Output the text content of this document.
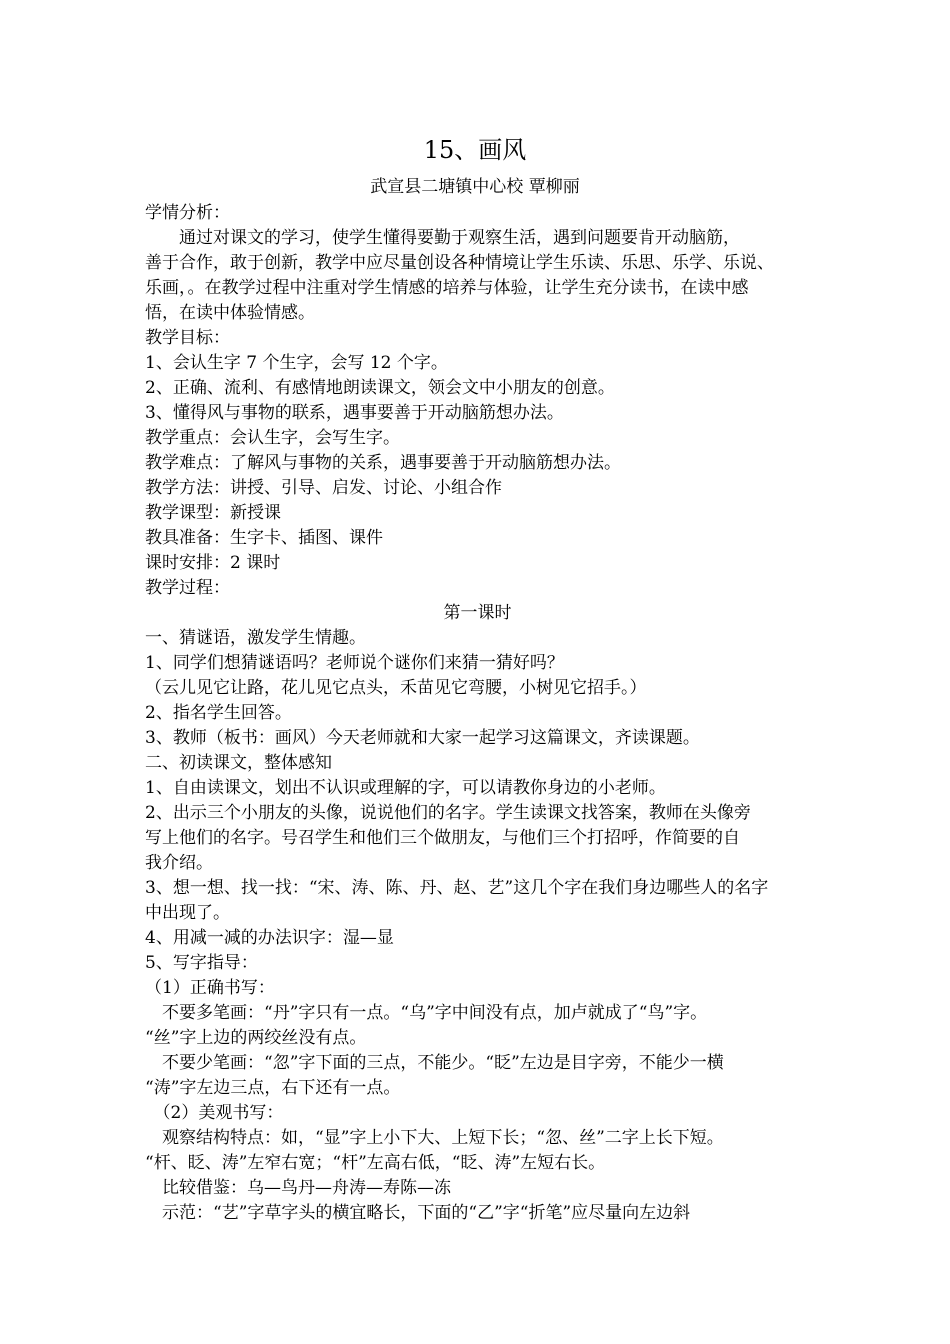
15、画风
武宣县二塘镇中心校 覃柳丽

学情分析：

　　通过对课文的学习，使学生懂得要勤于观察生活，遇到问题要肯开动脑筋，

善于合作，敢于创新，教学中应尽量创设各种情境让学生乐读、乐思、乐学、乐说、

乐画，。在教学过程中注重对学生情感的培养与体验，让学生充分读书，在读中感

悟，在读中体验情感。

教学目标：

1、会认生字 7 个生字，会写 12 个字。

2、正确、流利、有感情地朗读课文，领会文中小朋友的创意。

3、懂得风与事物的联系，遇事要善于开动脑筋想办法。

教学重点：会认生字，会写生字。

教学难点：了解风与事物的关系，遇事要善于开动脑筋想办法。

教学方法：讲授、引导、启发、讨论、小组合作

教学课型：新授课

教具准备：生字卡、插图、课件

课时安排：2 课时

教学过程：

第一课时

一、猜谜语，激发学生情趣。

1、同学们想猜谜语吗？老师说个谜你们来猜一猜好吗？

（云儿见它让路，花儿见它点头，禾苗见它弯腰，小树见它招手。）

2、指名学生回答。

3、教师（板书：画风）今天老师就和大家一起学习这篇课文，齐读课题。

二、初读课文，整体感知

1、自由读课文，划出不认识或理解的字，可以请教你身边的小老师。

2、出示三个小朋友的头像，说说他们的名字。学生读课文找答案，教师在头像旁

写上他们的名字。号召学生和他们三个做朋友，与他们三个打招呼，作简要的自

我介绍。

3、想一想、找一找：“宋、涛、陈、丹、赵、艺”这几个字在我们身边哪些人的名字

中出现了。

4、用减一减的办法识字：湿—显

5、写字指导：

（1）正确书写：

　不要多笔画：“丹”字只有一点。“乌”字中间没有点，加卢就成了“鸟”字。

“丝”字上边的两绞丝没有点。

　不要少笔画：“忽”字下面的三点，不能少。“眨”左边是目字旁，不能少一横

“涛”字左边三点，右下还有一点。

　（2）美观书写：

　观察结构特点：如，“显”字上小下大、上短下长；“忽、丝”二字上长下短。

“杆、眨、涛”左窄右宽；“杆”左高右低，“眨、涛”左短右长。

　比较借鉴：乌—鸟丹—舟涛—寿陈—冻

　示范：“艺”字草字头的横宜略长，下面的“乙”字“折笔”应尽量向左边斜
